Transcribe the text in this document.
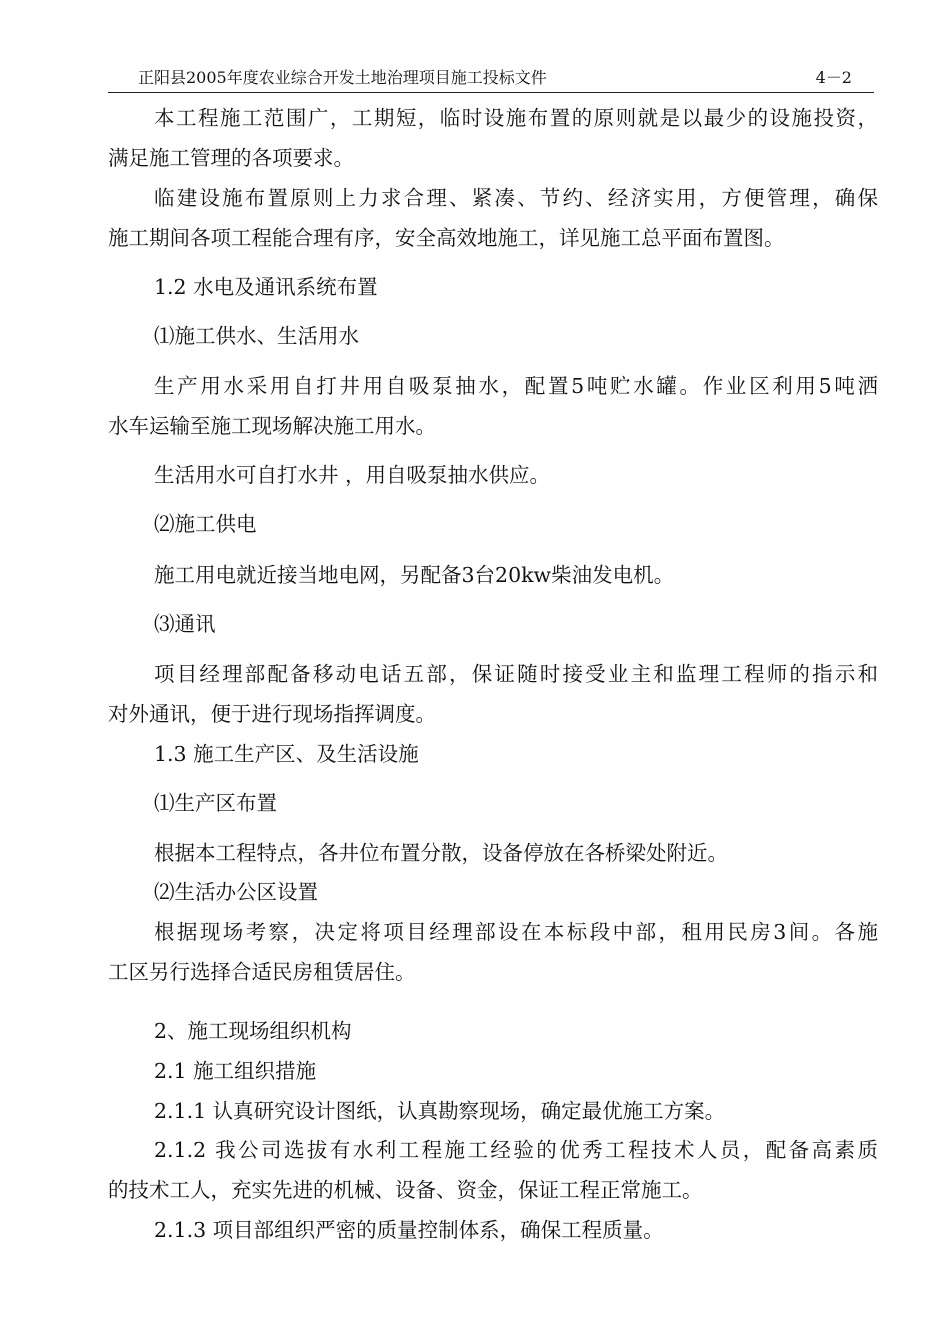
正阳县2005年度农业综合开发土地治理项目施工投标文件	4－2
本工程施工范围广，工期短，临时设施布置的原则就是以最少的设施投资，
满足施工管理的各项要求。
临建设施布置原则上力求合理、紧凑、节约、经济实用，方便管理，确保
施工期间各项工程能合理有序，安全高效地施工，详见施工总平面布置图。
1.2 水电及通讯系统布置
⑴施工供水、生活用水
生产用水采用自打井用自吸泵抽水，配置5吨贮水罐。作业区利用5吨洒
水车运输至施工现场解决施工用水。
生活用水可自打水井 ，用自吸泵抽水供应。
⑵施工供电
施工用电就近接当地电网，另配备3台20kw柴油发电机。
⑶通讯
项目经理部配备移动电话五部，保证随时接受业主和监理工程师的指示和
对外通讯，便于进行现场指挥调度。
1.3 施工生产区、及生活设施
⑴生产区布置
根据本工程特点，各井位布置分散，设备停放在各桥梁处附近。
⑵生活办公区设置
根据现场考察，决定将项目经理部设在本标段中部，租用民房3间。各施
工区另行选择合适民房租赁居住。
2、施工现场组织机构
2.1 施工组织措施
2.1.1 认真研究设计图纸，认真勘察现场，确定最优施工方案。
2.1.2 我公司选拔有水利工程施工经验的优秀工程技术人员，配备高素质
的技术工人，充实先进的机械、设备、资金，保证工程正常施工。
2.1.3 项目部组织严密的质量控制体系，确保工程质量。
